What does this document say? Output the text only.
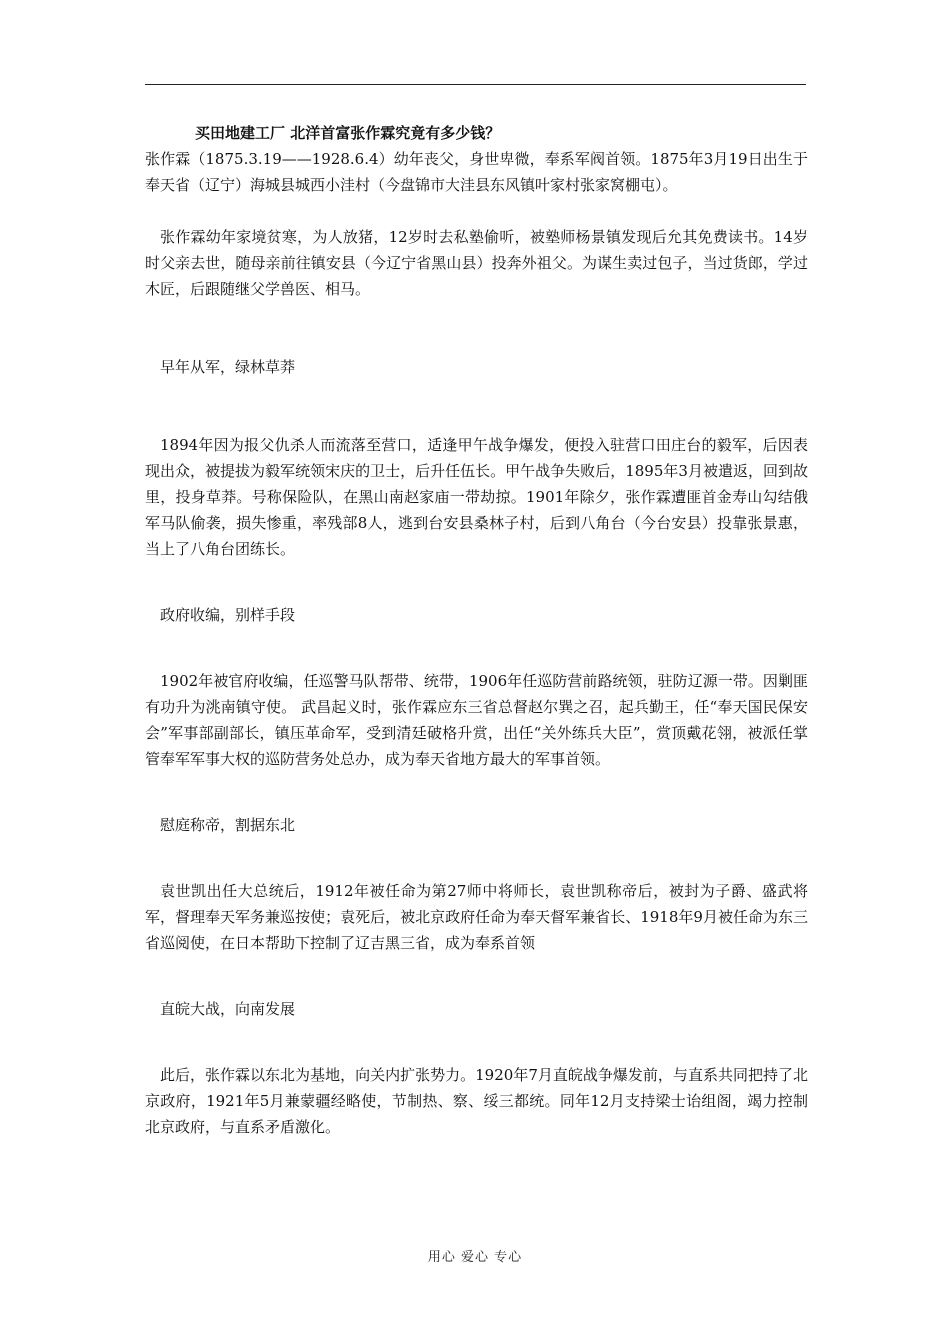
买田地建工厂 北洋首富张作霖究竟有多少钱？

张作霖（1875.3.19——1928.6.4）幼年丧父，身世卑微，奉系军阀首领。1875年3月19日出生于奉天省（辽宁）海城县城西小洼村（今盘锦市大洼县东风镇叶家村张家窝棚屯）。

张作霖幼年家境贫寒，为人放猪，12岁时去私塾偷听，被塾师杨景镇发现后允其免费读书。14岁时父亲去世，随母亲前往镇安县（今辽宁省黑山县）投奔外祖父。为谋生卖过包子，当过货郎，学过木匠，后跟随继父学兽医、相马。

早年从军，绿林草莽

1894年因为报父仇杀人而流落至营口，适逢甲午战争爆发，便投入驻营口田庄台的毅军，后因表现出众，被提拔为毅军统领宋庆的卫士，后升任伍长。甲午战争失败后，1895年3月被遣返，回到故里，投身草莽。号称保险队，在黑山南赵家庙一带劫掠。1901年除夕，张作霖遭匪首金寿山勾结俄军马队偷袭，损失惨重，率残部8人，逃到台安县桑林子村，后到八角台（今台安县）投靠张景惠，当上了八角台团练长。

政府收编，别样手段

1902年被官府收编，任巡警马队帮带、统带，1906年任巡防营前路统领，驻防辽源一带。因剿匪有功升为洮南镇守使。 武昌起义时，张作霖应东三省总督赵尔巽之召，起兵勤王，任“奉天国民保安会”军事部副部长，镇压革命军，受到清廷破格升赏，出任“关外练兵大臣”，赏顶戴花翎，被派任掌管奉军军事大权的巡防营务处总办，成为奉天省地方最大的军事首领。

慰庭称帝，割据东北

袁世凯出任大总统后，1912年被任命为第27师中将师长，袁世凯称帝后，被封为子爵、盛武将军，督理奉天军务兼巡按使；袁死后，被北京政府任命为奉天督军兼省长、1918年9月被任命为东三省巡阅使，在日本帮助下控制了辽吉黑三省，成为奉系首领

直皖大战，向南发展

此后，张作霖以东北为基地，向关内扩张势力。1920年7月直皖战争爆发前，与直系共同把持了北京政府，1921年5月兼蒙疆经略使，节制热、察、绥三都统。同年12月支持梁士诒组阁，竭力控制北京政府，与直系矛盾激化。

用心 爱心 专心
